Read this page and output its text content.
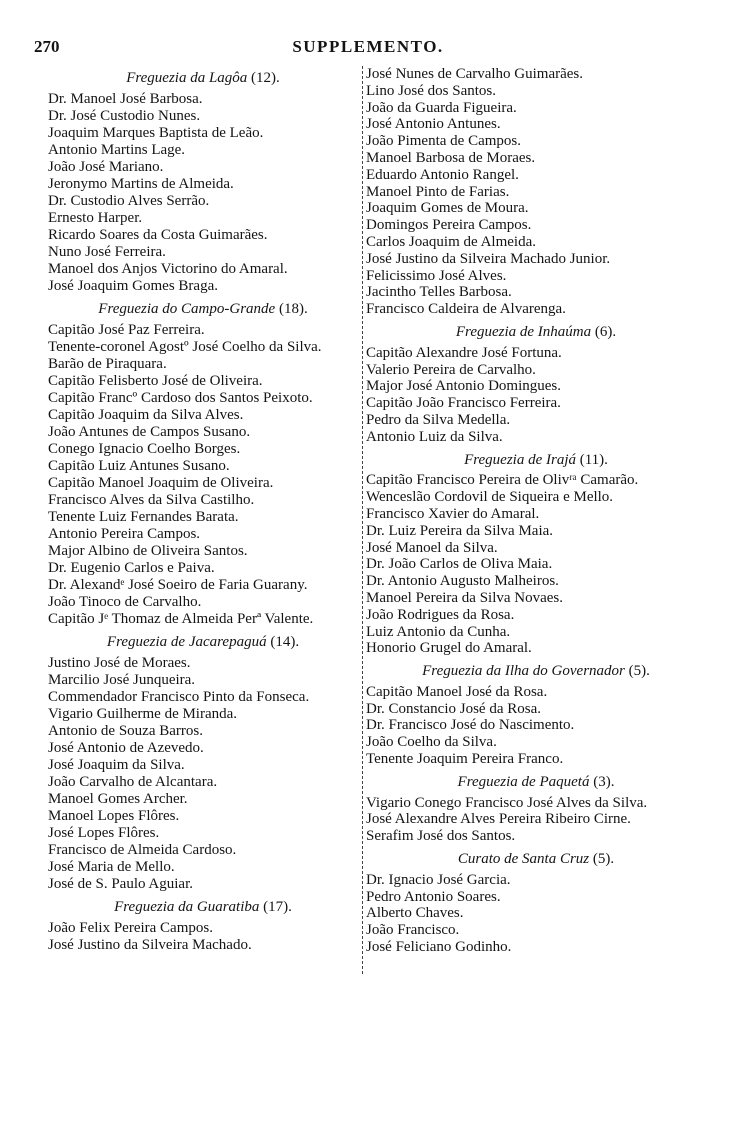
270	SUPPLEMENTO.
Freguezia da Lagôa (12).
Dr. Manoel José Barbosa.
Dr. José Custodio Nunes.
Joaquim Marques Baptista de Leão.
Antonio Martins Lage.
João José Mariano.
Jeronymo Martins de Almeida.
Dr. Custodio Alves Serrão.
Ernesto Harper.
Ricardo Soares da Costa Guimarães.
Nuno José Ferreira.
Manoel dos Anjos Victorino do Amaral.
José Joaquim Gomes Braga.
Freguezia do Campo-Grande (18).
Capitão José Paz Ferreira.
Tenente-coronel Agostº José Coelho da Silva.
Barão de Piraquara.
Capitão Felisberto José de Oliveira.
Capitão Francº Cardoso dos Santos Peixoto.
Capitão Joaquim da Silva Alves.
João Antunes de Campos Susano.
Conego Ignacio Coelho Borges.
Capitão Luiz Antunes Susano.
Capitão Manoel Joaquim de Oliveira.
Francisco Alves da Silva Castilho.
Tenente Luiz Fernandes Barata.
Antonio Pereira Campos.
Major Albino de Oliveira Santos.
Dr. Eugenio Carlos e Paiva.
Dr. Alexandᵉ José Soeiro de Faria Guarany.
João Tinoco de Carvalho.
Capitão Jᵉ Thomaz de Almeida Perª Valente.
Freguezia de Jacarepaguá (14).
Justino José de Moraes.
Marcilio José Junqueira.
Commendador Francisco Pinto da Fonseca.
Vigario Guilherme de Miranda.
Antonio de Souza Barros.
José Antonio de Azevedo.
José Joaquim da Silva.
João Carvalho de Alcantara.
Manoel Gomes Archer.
Manoel Lopes Flôres.
José Lopes Flôres.
Francisco de Almeida Cardoso.
José Maria de Mello.
José de S. Paulo Aguiar.
Freguezia da Guaratiba (17).
João Felix Pereira Campos.
José Justino da Silveira Machado.
José Nunes de Carvalho Guimarães.
Lino José dos Santos.
João da Guarda Figueira.
José Antonio Antunes.
João Pimenta de Campos.
Manoel Barbosa de Moraes.
Eduardo Antonio Rangel.
Manoel Pinto de Farias.
Joaquim Gomes de Moura.
Domingos Pereira Campos.
Carlos Joaquim de Almeida.
José Justino da Silveira Machado Junior.
Felicissimo José Alves.
Jacintho Telles Barbosa.
Francisco Caldeira de Alvarenga.
Freguezia de Inhaúma (6).
Capitão Alexandre José Fortuna.
Valerio Pereira de Carvalho.
Major José Antonio Domingues.
Capitão João Francisco Ferreira.
Pedro da Silva Medella.
Antonio Luiz da Silva.
Freguezia de Irajá (11).
Capitão Francisco Pereira de Olivʳᵃ Camarão.
Wenceslão Cordovil de Siqueira e Mello.
Francisco Xavier do Amaral.
Dr. Luiz Pereira da Silva Maia.
José Manoel da Silva.
Dr. João Carlos de Oliva Maia.
Dr. Antonio Augusto Malheiros.
Manoel Pereira da Silva Novaes.
João Rodrigues da Rosa.
Luiz Antonio da Cunha.
Honorio Grugel do Amaral.
Freguezia da Ilha do Governador (5).
Capitão Manoel José da Rosa.
Dr. Constancio José da Rosa.
Dr. Francisco José do Nascimento.
João Coelho da Silva.
Tenente Joaquim Pereira Franco.
Freguezia de Paquetá (3).
Vigario Conego Francisco José Alves da Silva.
José Alexandre Alves Pereira Ribeiro Cirne.
Serafim José dos Santos.
Curato de Santa Cruz (5).
Dr. Ignacio José Garcia.
Pedro Antonio Soares.
Alberto Chaves.
João Francisco.
José Feliciano Godinho.
